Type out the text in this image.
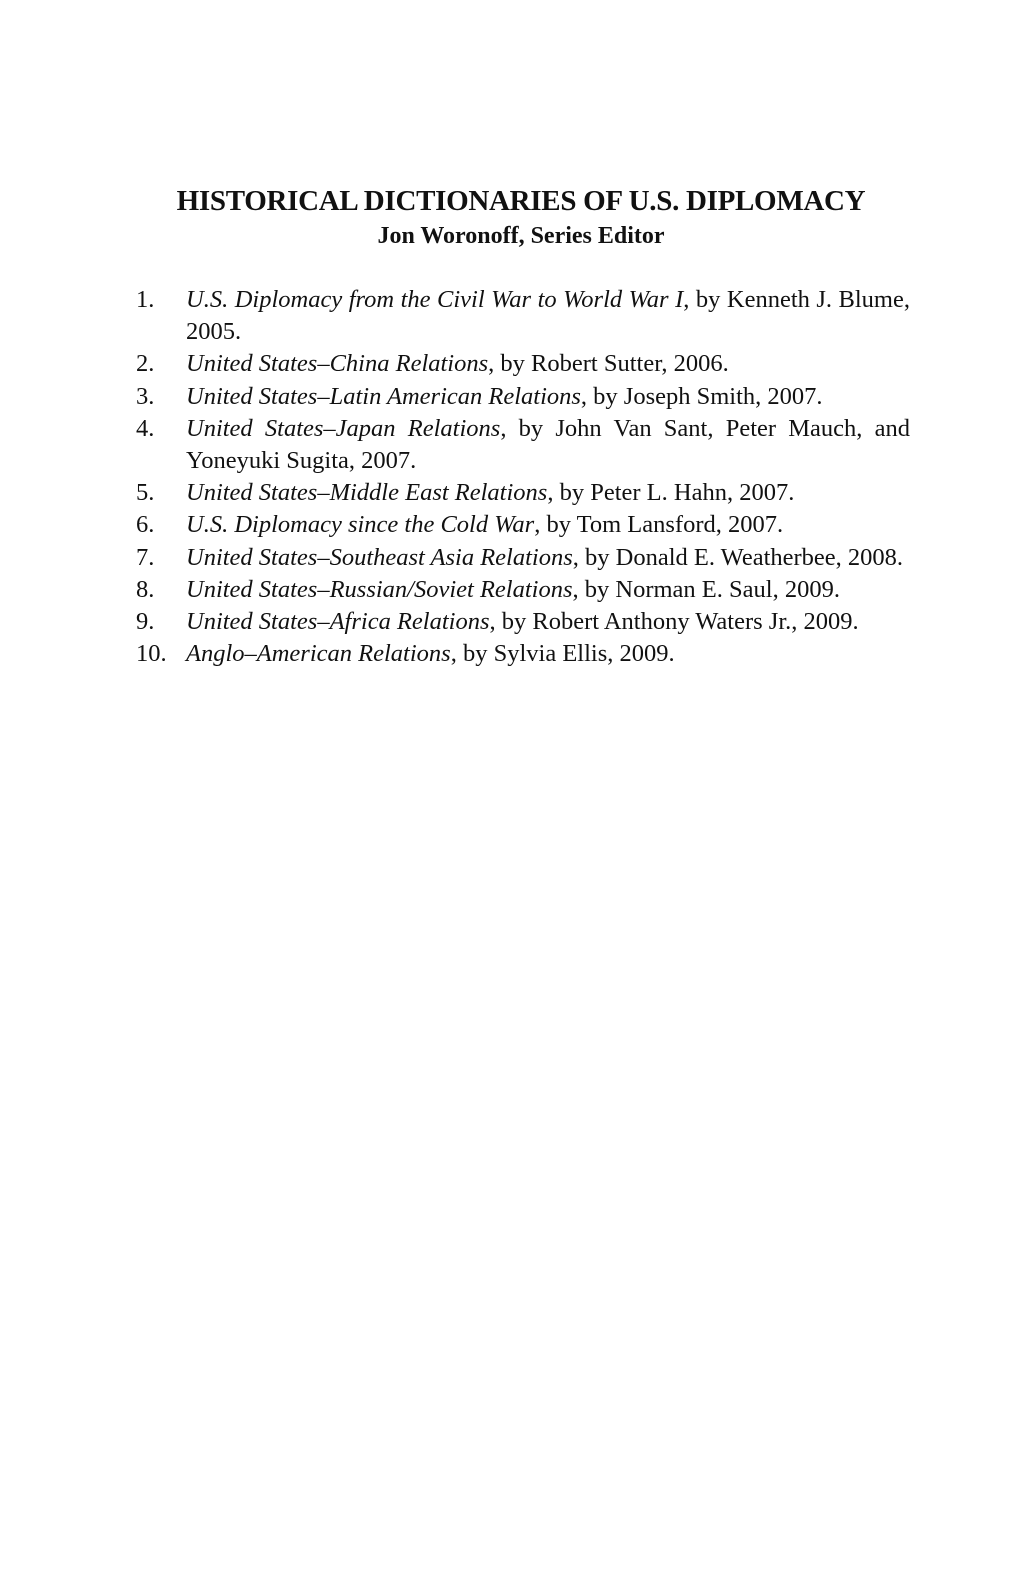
HISTORICAL DICTIONARIES OF U.S. DIPLOMACY
Jon Woronoff, Series Editor
1.	U.S. Diplomacy from the Civil War to World War I, by Kenneth J. Blume, 2005.
2.	United States–China Relations, by Robert Sutter, 2006.
3.	United States–Latin American Relations, by Joseph Smith, 2007.
4.	United States–Japan Relations, by John Van Sant, Peter Mauch, and Yoneyuki Sugita, 2007.
5.	United States–Middle East Relations, by Peter L. Hahn, 2007.
6.	U.S. Diplomacy since the Cold War, by Tom Lansford, 2007.
7.	United States–Southeast Asia Relations, by Donald E. Weatherbee, 2008.
8.	United States–Russian/Soviet Relations, by Norman E. Saul, 2009.
9.	United States–Africa Relations, by Robert Anthony Waters Jr., 2009.
10. Anglo–American Relations, by Sylvia Ellis, 2009.
